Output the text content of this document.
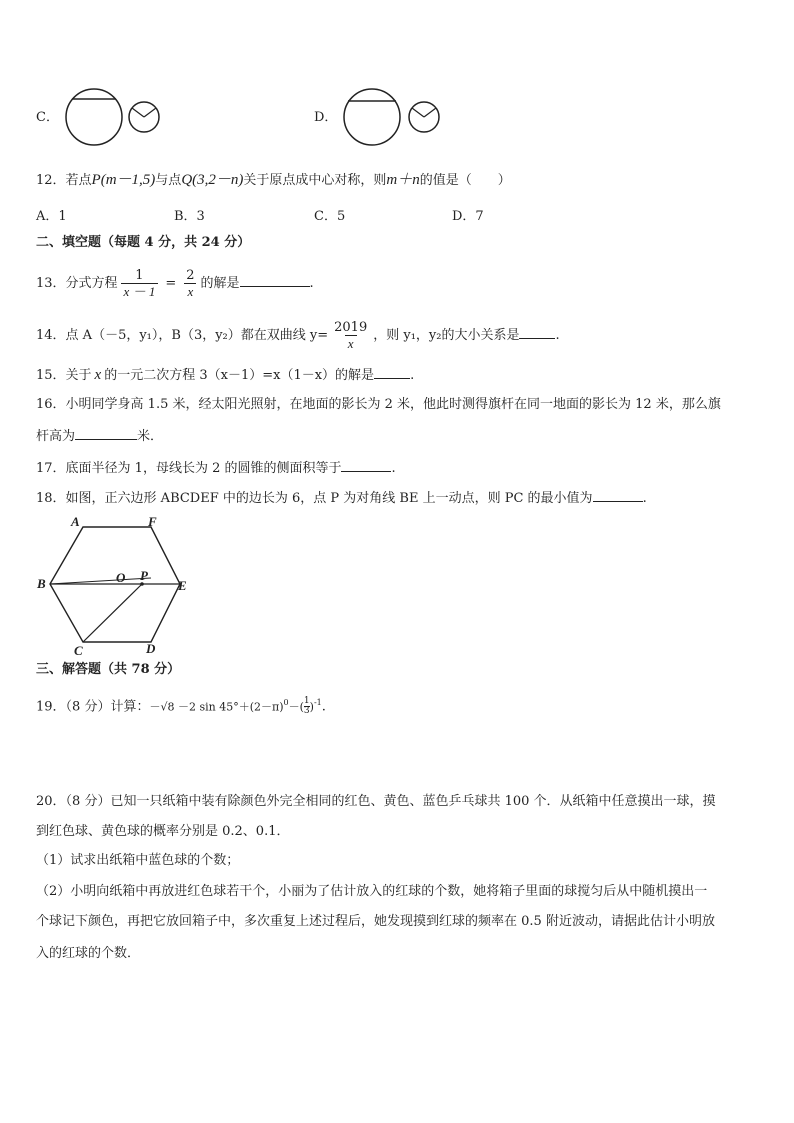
C．	D．
12．若点P(m－1,5)与点Q(3,2－n)关于原点成中心对称，则m＋n的值是（　　）
A．1	B．3	C．5	D．7
二、填空题（每题 4 分，共 24 分）
13．分式方程 $\frac{1}{x - 1} = \frac{2}{x}$ 的解是	.
14．点 A（－5，y₁），B（3，y₂）都在双曲线 $y= \frac{2019}{x}$ ，则 y₁，y₂的大小关系是	.
15．关于 x 的一元二次方程 3（x－1）=x（1－x）的解是	.
16．小明同学身高 1.5 米，经太阳光照射，在地面的影长为 2 米，他此时测得旗杆在同一地面的影长为 12 米，那么旗
杆高为	米．
17．底面半径为 1，母线长为 2 的圆锥的侧面积等于	.
18．如图，正六边形 ABCDEF 中的边长为 6，点 P 为对角线 BE 上一动点，则 PC 的最小值为	.
A	F
B	O P
E
C	D
三、解答题（共 78 分）
19．（8 分）计算：－√8 －2 $\sin 45^\circ+(2-\pi)^0-( \frac{1}{3} )^{-1}$.
20．（8 分）已知一只纸箱中装有除颜色外完全相同的红色、黄色、蓝色乒乓球共 100 个．从纸箱中任意摸出一球，摸
到红色球、黄色球的概率分别是 0.2、0.1．
（1）试求出纸箱中蓝色球的个数；
（2）小明向纸箱中再放进红色球若干个，小丽为了估计放入的红球的个数，她将箱子里面的球搅匀后从中随机摸出一
个球记下颜色，再把它放回箱子中，多次重复上述过程后，她发现摸到红球的频率在 0.5 附近波动，请据此估计小明放
入的红球的个数．
